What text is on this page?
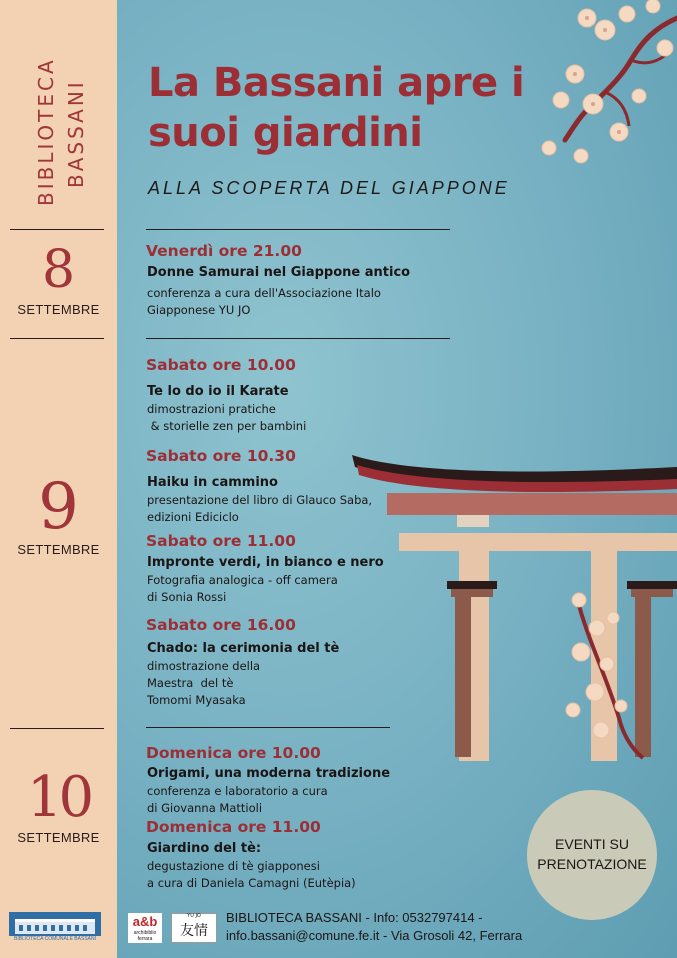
BIBLIOTECA BASSANI
8
SETTEMBRE
9
SETTEMBRE
10
SETTEMBRE
BIBLIOTECA COMUNALE BASSANI
La Bassani apre i
suoi giardini
ALLA SCOPERTA DEL GIAPPONE
Venerdì ore 21.00
Donne Samurai nel Giappone antico
conferenza a cura dell'Associazione Italo
Giapponese YU JO
Sabato ore 10.00
Te lo do io il Karate
dimostrazioni pratiche
& storielle zen per bambini
Sabato ore 10.30
Haiku in cammino
presentazione del libro di Glauco Saba,
edizioni Ediciclo
Sabato ore 11.00
Impronte verdi, in bianco e nero
Fotografia analogica - off camera
di Sonia Rossi
Sabato ore 16.00
Chado: la cerimonia del tè
dimostrazione della
Maestra  del tè
Tomomi Myasaka
Domenica ore 10.00
Origami, una moderna tradizione
conferenza e laboratorio a cura
di Giovanna Mattioli
Domenica ore 11.00
Giardino del tè:
degustazione di tè giapponesi
a cura di Daniela Camagni (Eutèpia)
EVENTI SU
PRENOTAZIONE
a&b
archibiblio ferrara
YU JO
友情
BIBLIOTECA BASSANI - Info: 0532797414 -
info.bassani@comune.fe.it - Via Grosoli 42, Ferrara
